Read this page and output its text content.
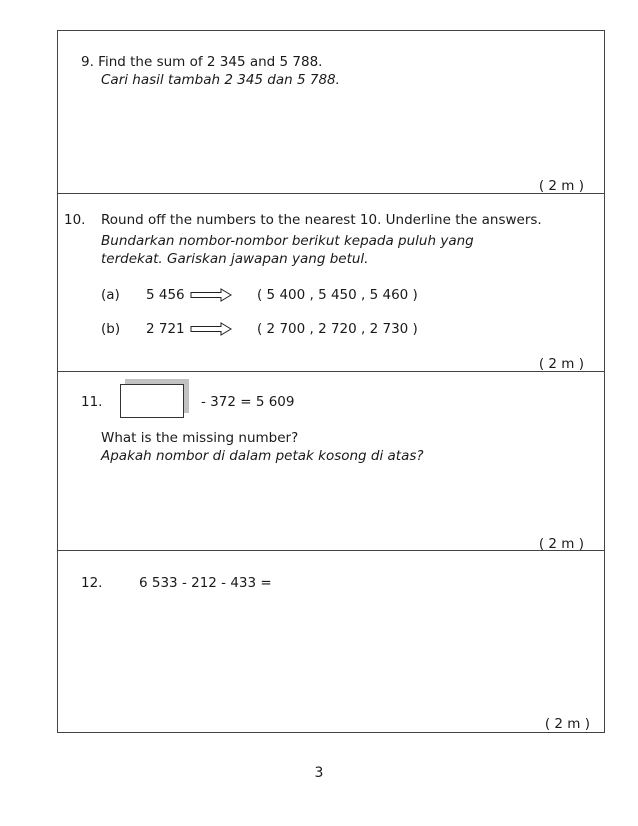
9. Find the sum of 2 345 and 5 788.
Cari hasil tambah 2 345 dan 5 788.
( 2 m )
10. Round off the numbers to the nearest 10. Underline the answers.
Bundarkan nombor-nombor berikut kepada puluh yang
terdekat. Gariskan jawapan yang betul.
(a) 5 456	( 5 400 , 5 450 , 5 460 )
(b) 2 721	( 2 700 , 2 720 , 2 730 )
( 2 m )
11.	- 372 = 5 609
What is the missing number?
Apakah nombor di dalam petak kosong di atas?
( 2 m )
12.	6 533 - 212 - 433 =
( 2 m )
3
